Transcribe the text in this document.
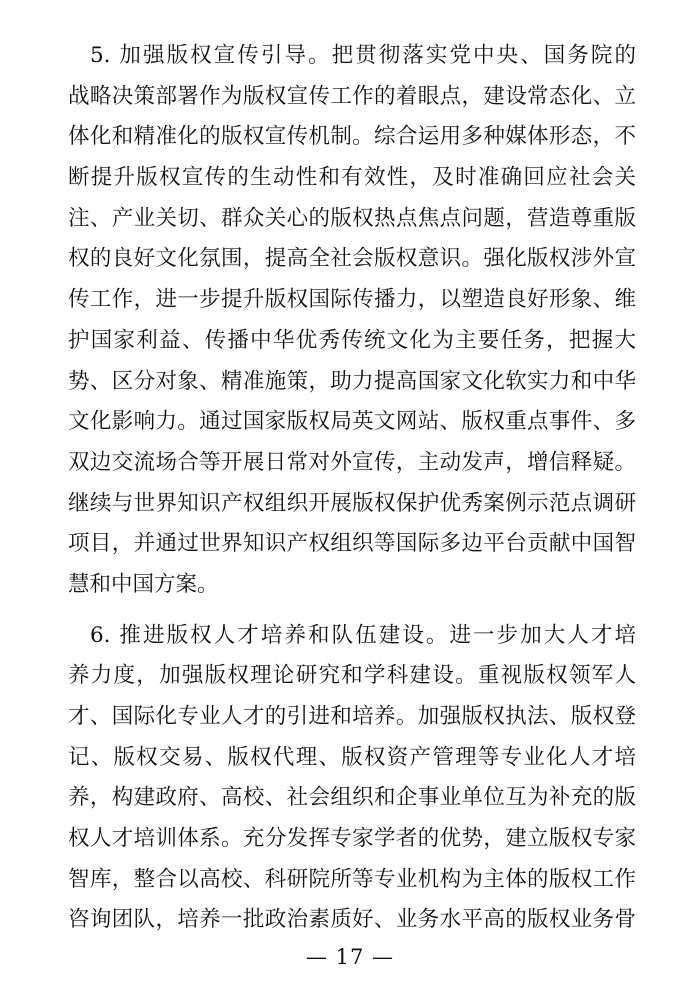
5. 加强版权宣传引导。把贯彻落实党中央、国务院的
战略决策部署作为版权宣传工作的着眼点，建设常态化、立
体化和精准化的版权宣传机制。综合运用多种媒体形态，不
断提升版权宣传的生动性和有效性，及时准确回应社会关
注、产业关切、群众关心的版权热点焦点问题，营造尊重版
权的良好文化氛围，提高全社会版权意识。强化版权涉外宣
传工作，进一步提升版权国际传播力，以塑造良好形象、维
护国家利益、传播中华优秀传统文化为主要任务，把握大
势、区分对象、精准施策，助力提高国家文化软实力和中华
文化影响力。通过国家版权局英文网站、版权重点事件、多
双边交流场合等开展日常对外宣传，主动发声，增信释疑。
继续与世界知识产权组织开展版权保护优秀案例示范点调研
项目，并通过世界知识产权组织等国际多边平台贡献中国智
慧和中国方案。
6. 推进版权人才培养和队伍建设。进一步加大人才培
养力度，加强版权理论研究和学科建设。重视版权领军人
才、国际化专业人才的引进和培养。加强版权执法、版权登
记、版权交易、版权代理、版权资产管理等专业化人才培
养，构建政府、高校、社会组织和企事业单位互为补充的版
权人才培训体系。充分发挥专家学者的优势，建立版权专家
智库，整合以高校、科研院所等专业机构为主体的版权工作
咨询团队，培养一批政治素质好、业务水平高的版权业务骨
— 17 —
